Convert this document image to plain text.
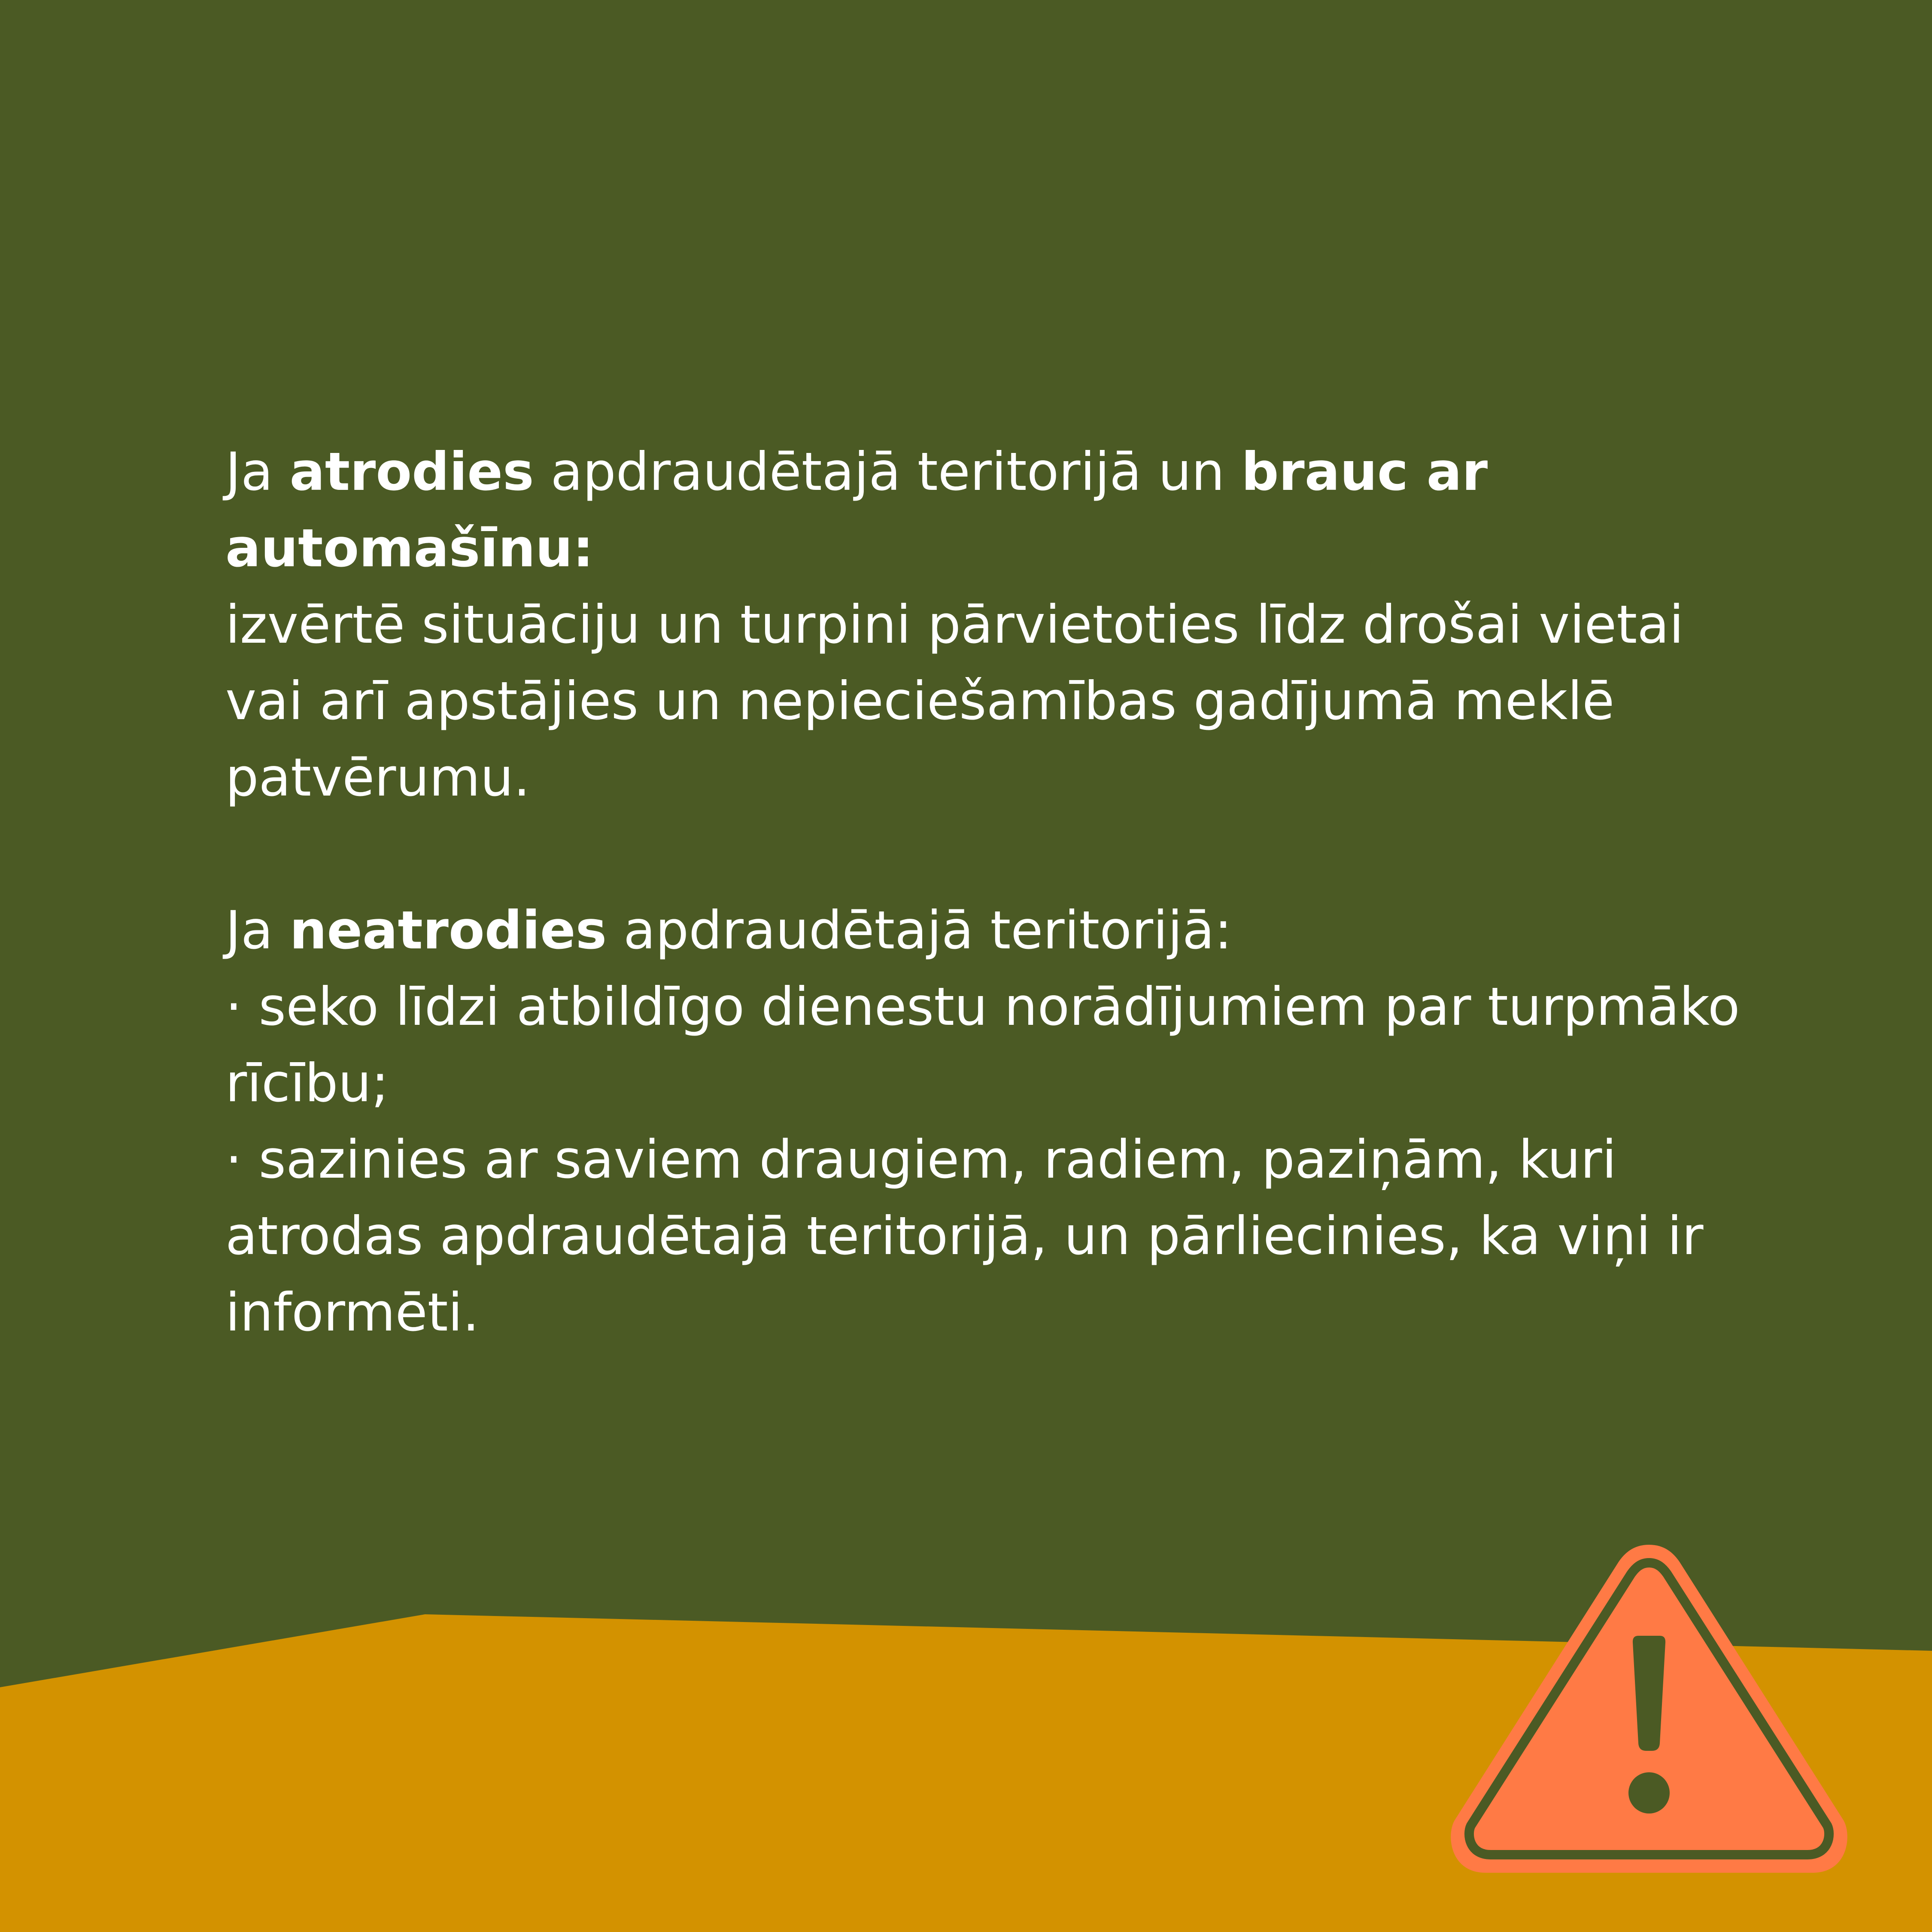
Ja atrodies apdraudētajā teritorijā un brauc ar automašīnu:

izvērtē situāciju un turpini pārvietoties līdz drošai vietai vai arī apstājies un nepieciešamības gadījumā meklē patvērumu.

Ja neatrodies apdraudētajā teritorijā:

· seko līdzi atbildīgo dienestu norādījumiem par turpmāko rīcību;

· sazinies ar saviem draugiem, radiem, paziņām, kuri atrodas apdraudētajā teritorijā, un pārliecinies, ka viņi ir informēti.
